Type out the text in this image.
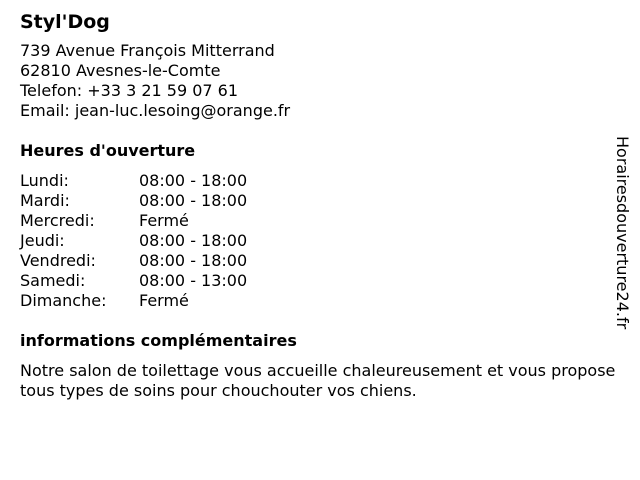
Styl'Dog
739 Avenue François Mitterrand
62810 Avesnes-le-Comte
Telefon: +33 3 21 59 07 61
Email: jean-luc.lesoing@orange.fr
Heures d'ouverture
Lundi:	08:00 - 18:00
Mardi:	08:00 - 18:00
Mercredi:	Fermé
Jeudi:	08:00 - 18:00
Vendredi:	08:00 - 18:00
Samedi:	08:00 - 13:00
Dimanche: Fermé
informations complémentaires
Notre salon de toilettage vous accueille chaleureusement et vous propose tous types de soins pour chouchouter vos chiens.
Horairesdouverture24.fr
